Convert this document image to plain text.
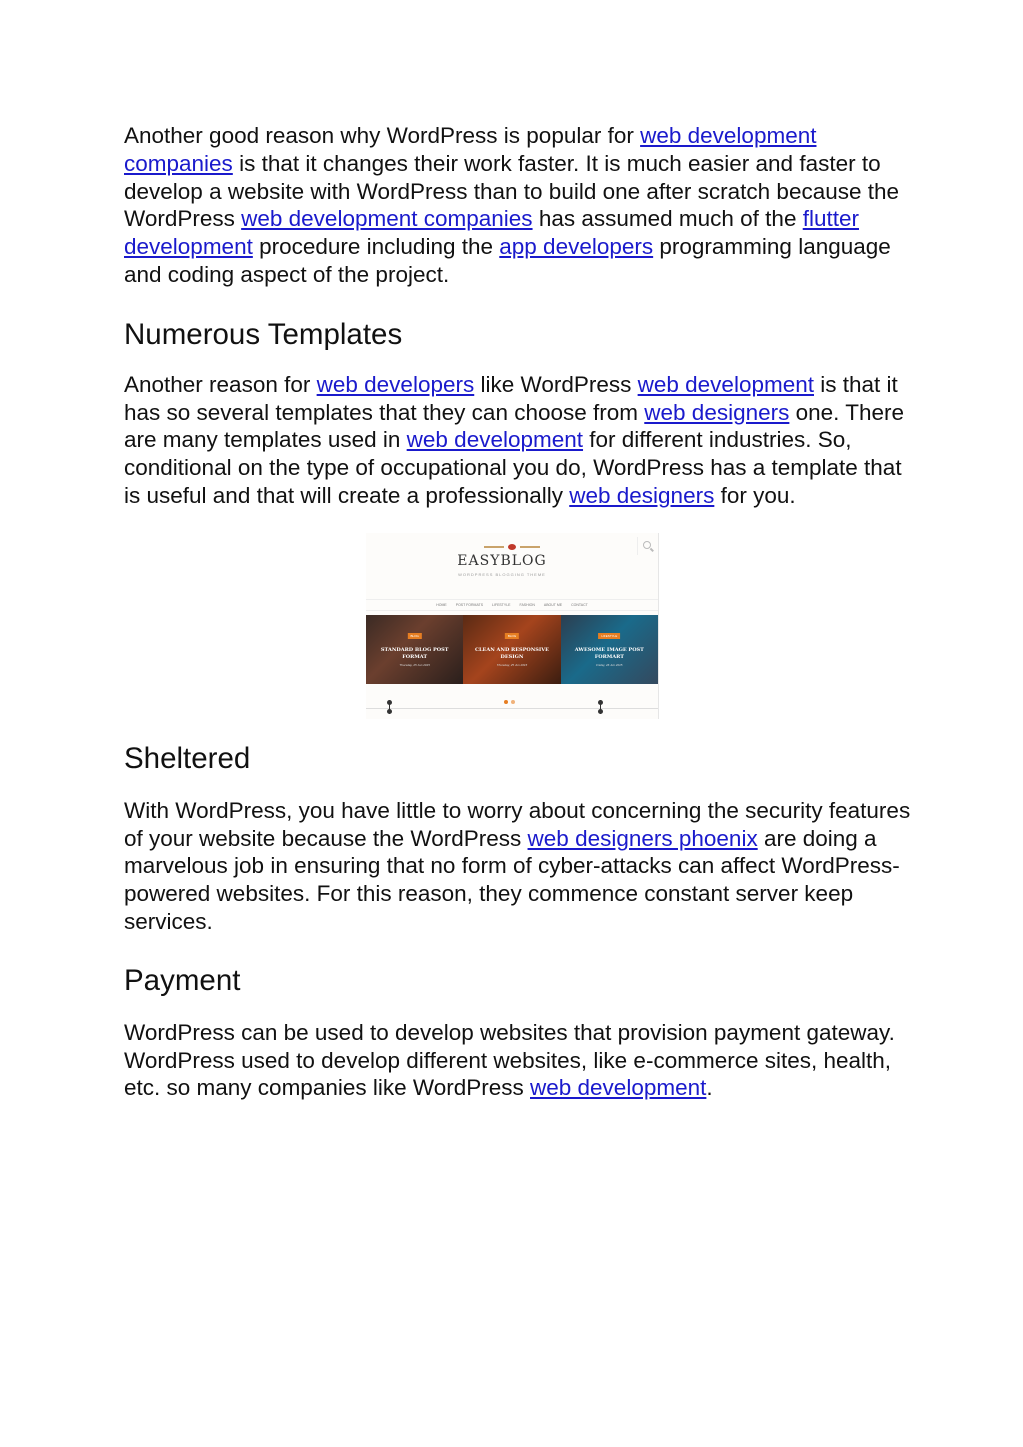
Another good reason why WordPress is popular for web development companies is that it changes their work faster. It is much easier and faster to develop a website with WordPress than to build one after scratch because the WordPress web development companies has assumed much of the flutter development procedure including the app developers programming language and coding aspect of the project.

Numerous Templates

Another reason for web developers like WordPress web development is that it has so several templates that they can choose from web designers one. There are many templates used in web development for different industries. So, conditional on the type of occupational you do, WordPress has a template that is useful and that will create a professionally web designers for you.

EASYBLOG
WORDPRESS BLOGGING THEME
HOME	POST FORMATS	LIFESTYLE	FASHION	ABOUT ME	CONTACT
BLOG
STANDARD BLOG POST FORMAT
Thursday, 25 Jun 2015
BLOG
CLEAN AND RESPONSIVE DESIGN
Thursday, 25 Jun 2015
LIFESTYLE
AWESOME IMAGE POST FORMART
Friday, 26 Jun 2015
Sheltered

With WordPress, you have little to worry about concerning the security features of your website because the WordPress web designers phoenix are doing a marvelous job in ensuring that no form of cyber-attacks can affect WordPress-powered websites. For this reason, they commence constant server keep services.

Payment

WordPress can be used to develop websites that provision payment gateway. WordPress used to develop different websites, like e-commerce sites, health, etc. so many companies like WordPress web development.
